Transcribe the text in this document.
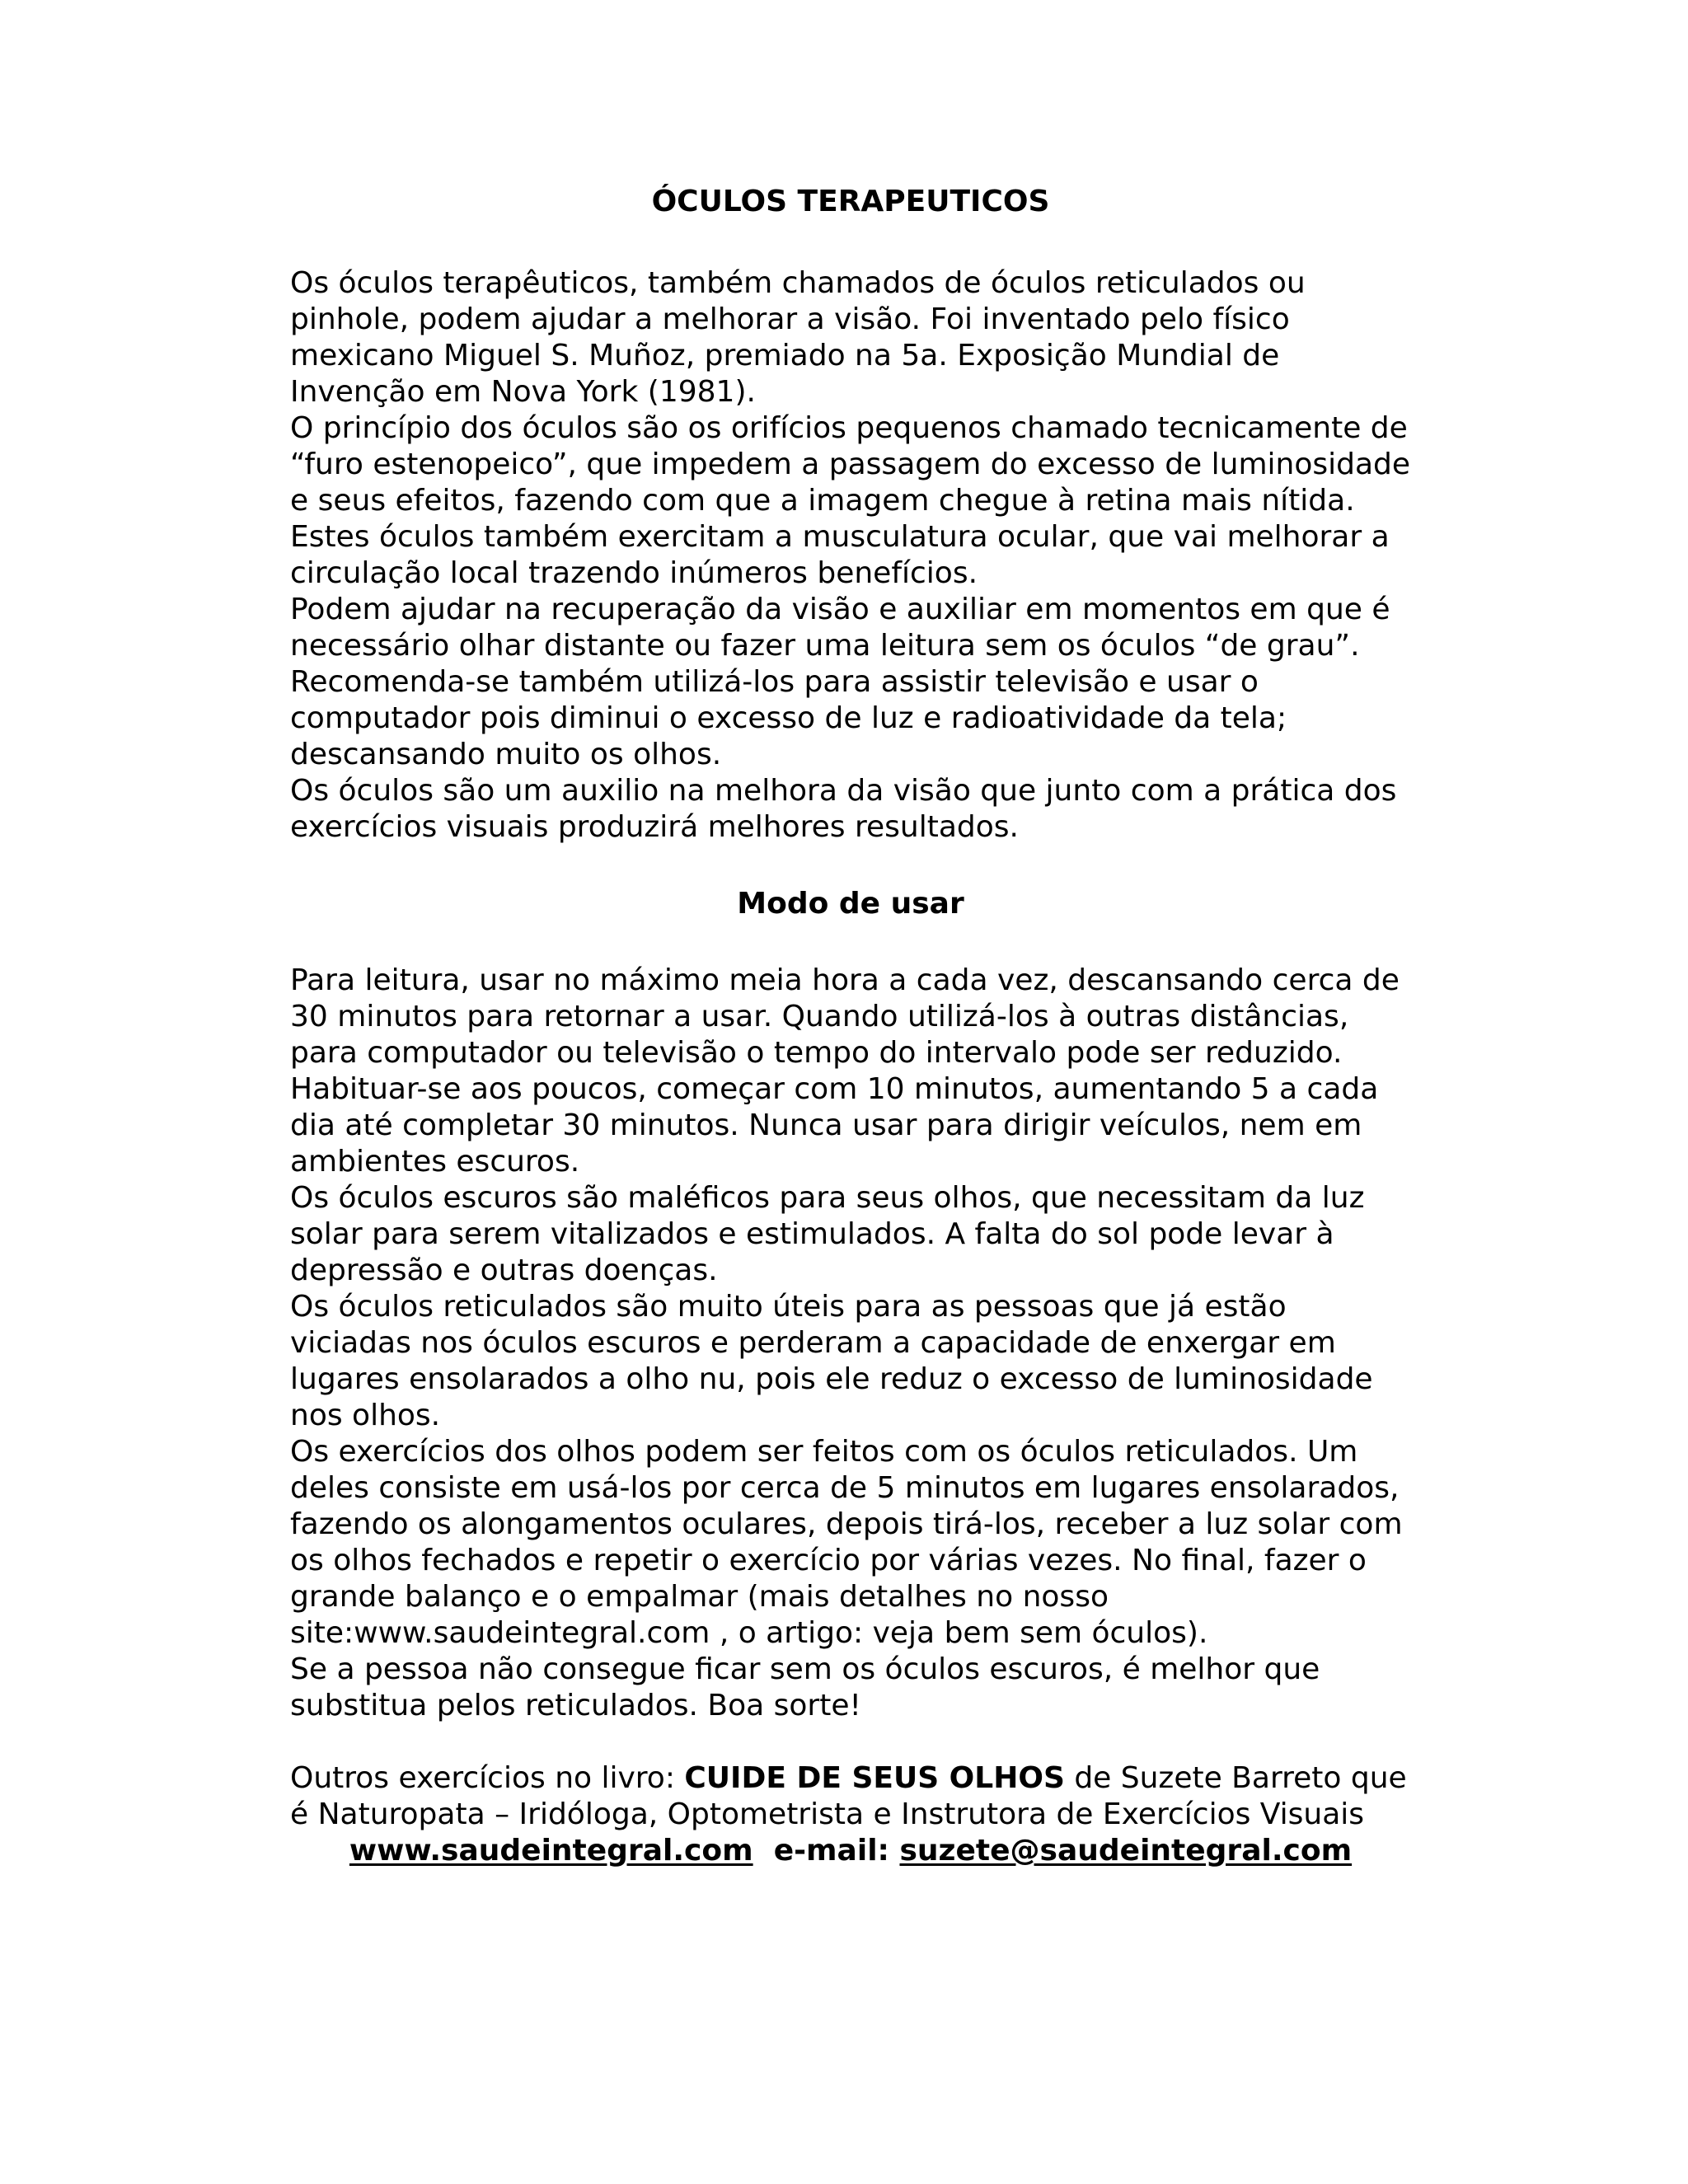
ÓCULOS TERAPEUTICOS

Os óculos terapêuticos, também chamados de óculos reticulados ou pinhole, podem ajudar a melhorar a visão. Foi inventado pelo físico mexicano Miguel S. Muñoz, premiado na 5a. Exposição Mundial de Invenção em Nova York (1981).

O princípio dos óculos são os orifícios pequenos chamado tecnicamente de “furo estenopeico”, que impedem a passagem do excesso de luminosidade e seus efeitos, fazendo com que a imagem chegue à retina mais nítida.

Estes óculos também exercitam a musculatura ocular, que vai melhorar a circulação local trazendo inúmeros benefícios.

Podem ajudar na recuperação da visão e auxiliar em momentos em que é necessário olhar distante ou fazer uma leitura sem os óculos “de grau”.

Recomenda-se também utilizá-los para assistir televisão e usar o computador pois diminui o excesso de luz e radioatividade da tela; descansando muito os olhos.

Os óculos são um auxilio na melhora da visão que junto com a prática dos exercícios visuais produzirá melhores resultados.

Modo de usar

Para leitura, usar no máximo meia hora a cada vez, descansando cerca de 30 minutos para retornar a usar. Quando utilizá-los à outras distâncias, para computador ou televisão o tempo do intervalo pode ser reduzido.

Habituar-se aos poucos, começar com 10 minutos, aumentando 5 a cada dia até completar 30 minutos. Nunca usar para dirigir veículos, nem em ambientes escuros.

Os óculos escuros são maléficos para seus olhos, que necessitam da luz solar para serem vitalizados e estimulados. A falta do sol pode levar à depressão e outras doenças.

Os óculos reticulados são muito úteis para as pessoas que já estão viciadas nos óculos escuros e perderam a capacidade de enxergar em lugares ensolarados a olho nu, pois ele reduz o excesso de luminosidade nos olhos.

Os exercícios dos olhos podem ser feitos com os óculos reticulados. Um deles consiste em usá-los por cerca de 5 minutos em lugares ensolarados, fazendo os alongamentos oculares, depois tirá-los, receber a luz solar com os olhos fechados e repetir o exercício por várias vezes. No final, fazer o grande balanço e o empalmar (mais detalhes no nosso site:www.saudeintegral.com , o artigo: veja bem sem óculos).

Se a pessoa não consegue ficar sem os óculos escuros, é melhor que substitua pelos reticulados. Boa sorte!

Outros exercícios no livro: CUIDE DE SEUS OLHOS de Suzete Barreto que é Naturopata – Iridóloga, Optometrista e Instrutora de Exercícios Visuais

www.saudeintegral.com e-mail: suzete@saudeintegral.com
